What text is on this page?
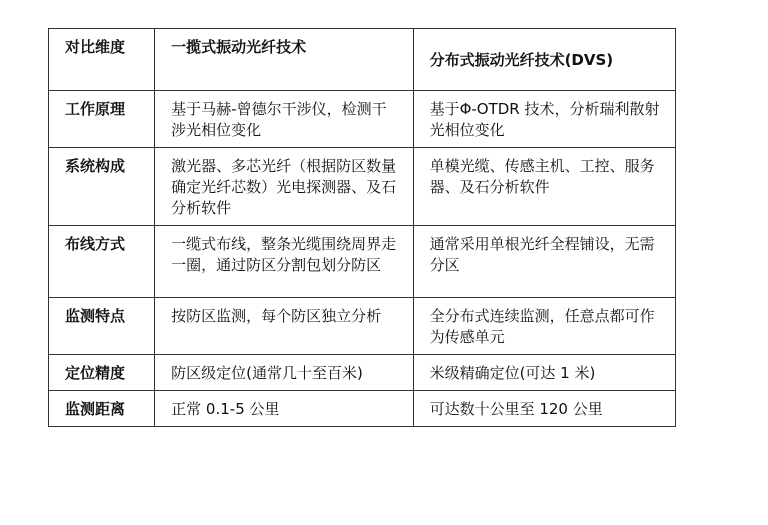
对比维度	一揽式振动光纤技术	分布式振动光纤技术(DVS)
工作原理	基于马赫-曾德尔干涉仪，检测干涉光相位变化	基于Φ-OTDR 技术，分析瑞利散射光相位变化
系统构成	激光器、多芯光纤（根据防区数量确定光纤芯数）光电探测器、及石分析软件	单模光缆、传感主机、工控、服务器、及石分析软件
布线方式	一缆式布线，整条光缆围绕周界走一圈，通过防区分割包划分防区	通常采用单根光纤全程铺设，无需分区
监测特点	按防区监测，每个防区独立分析	全分布式连续监测，任意点都可作为传感单元
定位精度	防区级定位(通常几十至百米)	米级精确定位(可达 1 米)
监测距离	正常 0.1-5 公里	可达数十公里至 120 公里
